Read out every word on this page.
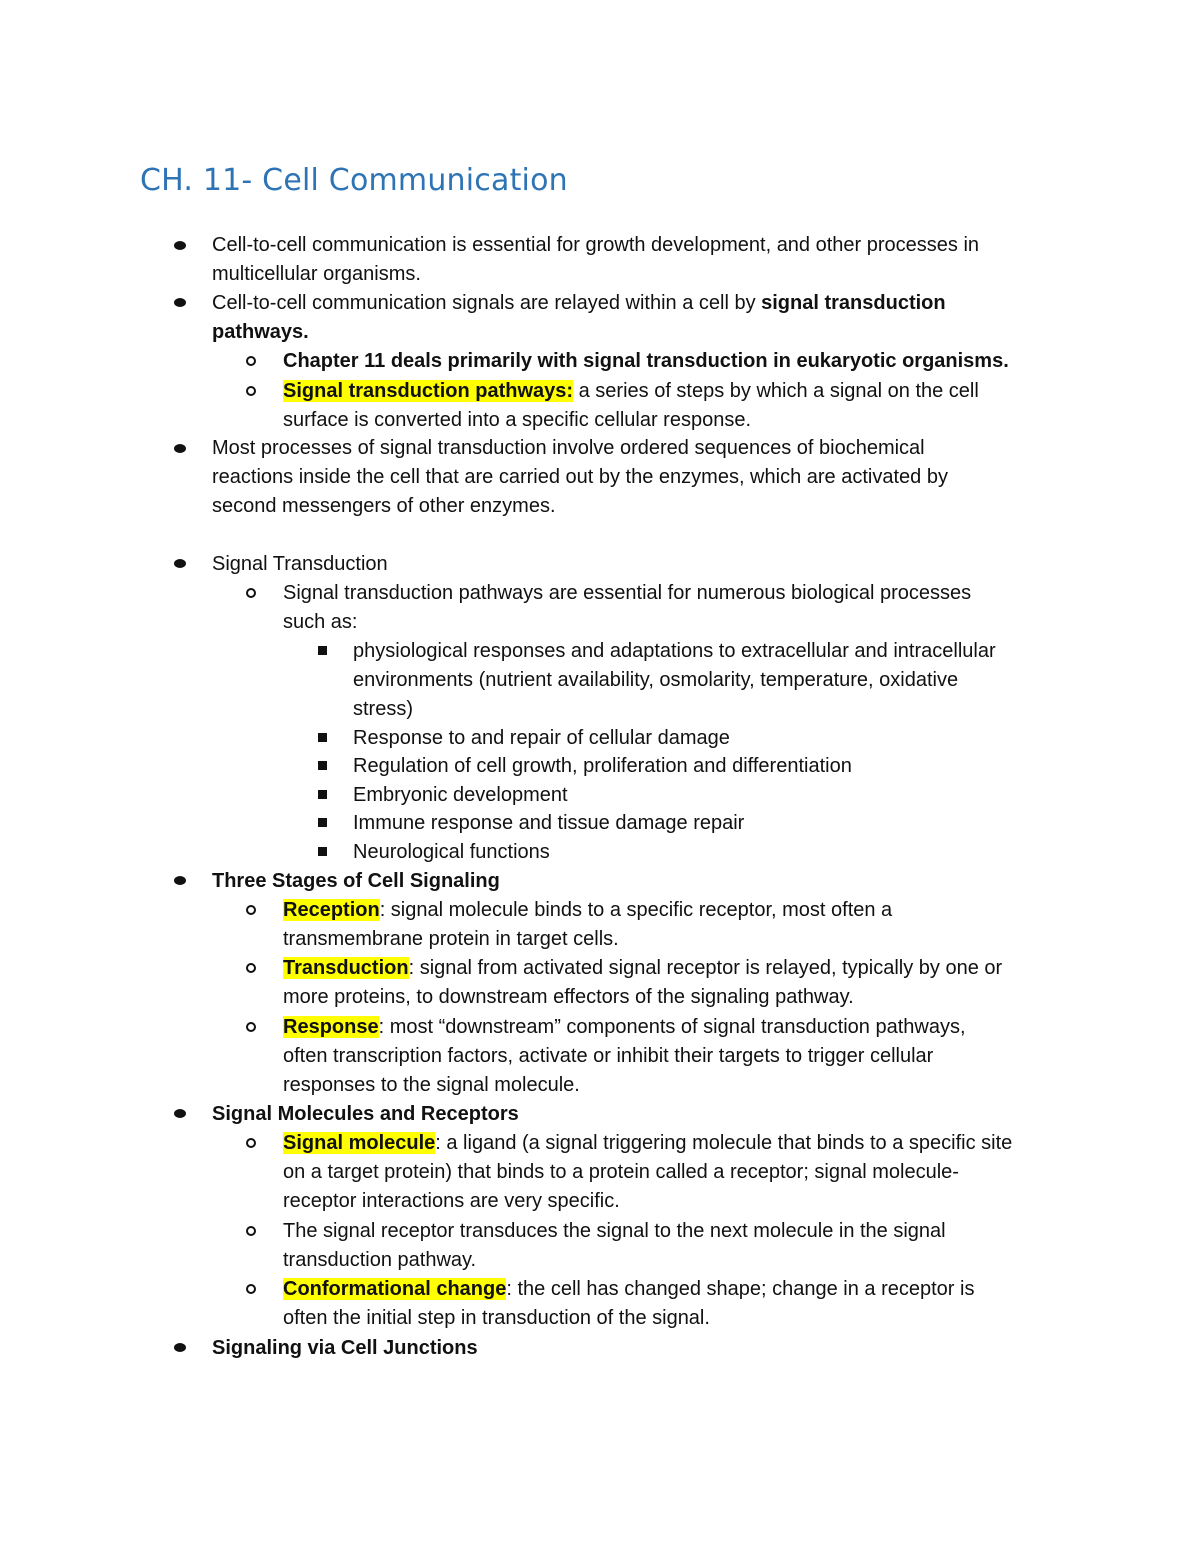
CH. 11- Cell Communication
Cell-to-cell communication is essential for growth development, and other processes in
multicellular organisms.
Cell-to-cell communication signals are relayed within a cell by signal transduction
pathways.
Chapter 11 deals primarily with signal transduction in eukaryotic organisms.
Signal transduction pathways: a series of steps by which a signal on the cell
surface is converted into a specific cellular response.
Most processes of signal transduction involve ordered sequences of biochemical
reactions inside the cell that are carried out by the enzymes, which are activated by
second messengers of other enzymes.
Signal Transduction
Signal transduction pathways are essential for numerous biological processes
such as:
physiological responses and adaptations to extracellular and intracellular
environments (nutrient availability, osmolarity, temperature, oxidative
stress)
Response to and repair of cellular damage
Regulation of cell growth, proliferation and differentiation
Embryonic development
Immune response and tissue damage repair
Neurological functions
Three Stages of Cell Signaling
Reception: signal molecule binds to a specific receptor, most often a
transmembrane protein in target cells.
Transduction: signal from activated signal receptor is relayed, typically by one or
more proteins, to downstream effectors of the signaling pathway.
Response: most “downstream” components of signal transduction pathways,
often transcription factors, activate or inhibit their targets to trigger cellular
responses to the signal molecule.
Signal Molecules and Receptors
Signal molecule: a ligand (a signal triggering molecule that binds to a specific site
on a target protein) that binds to a protein called a receptor; signal molecule-
receptor interactions are very specific.
The signal receptor transduces the signal to the next molecule in the signal
transduction pathway.
Conformational change: the cell has changed shape; change in a receptor is
often the initial step in transduction of the signal.
Signaling via Cell Junctions
